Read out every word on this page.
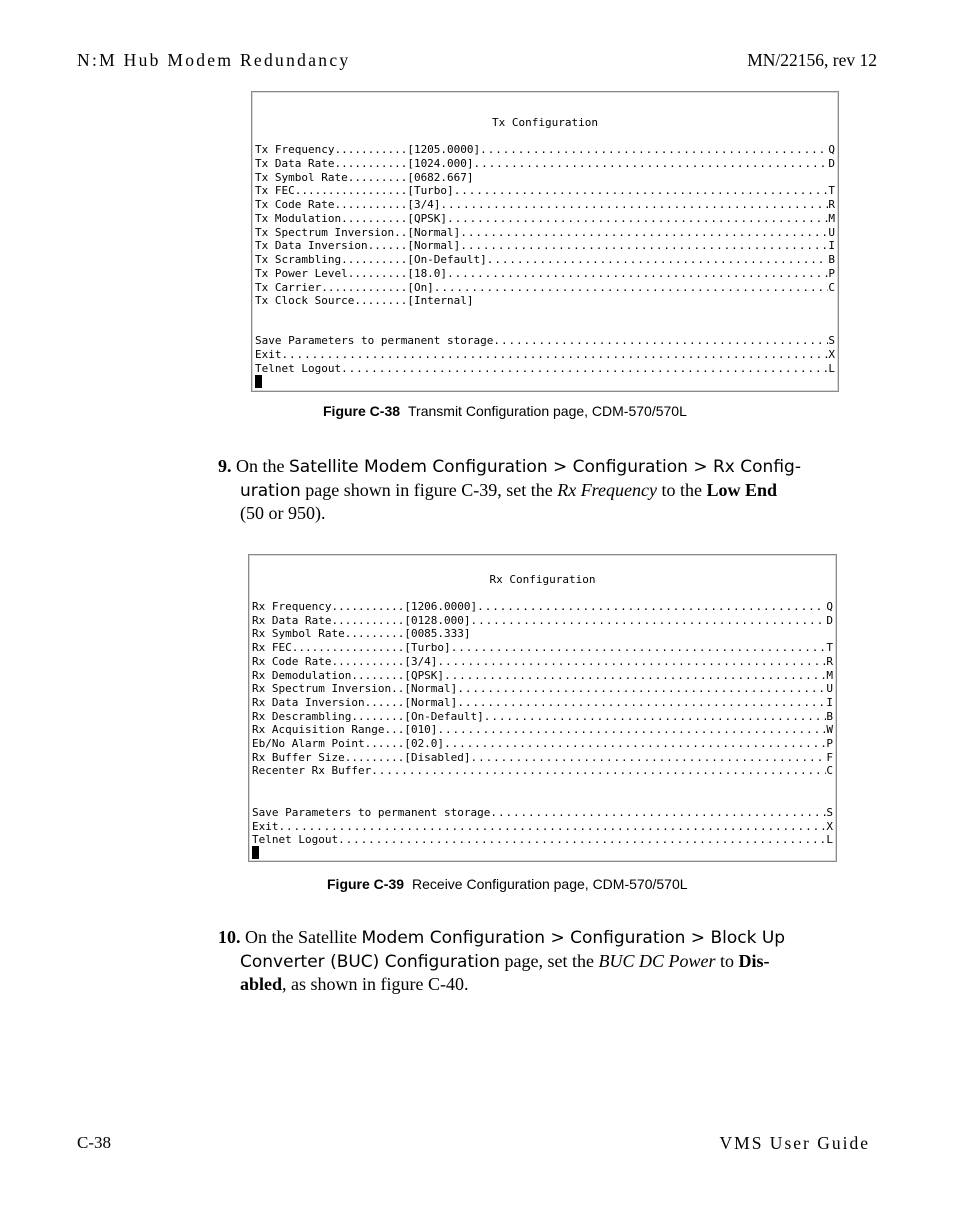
N:M Hub Modem Redundancy	MN/22156, rev 12
Tx Configuration
Tx Frequency...........[1205.0000] .....	Q
Tx Data Rate...........[1024.000] .....	D
Tx Symbol Rate.........[0682.667]
Tx FEC.................[Turbo] .....	T
Tx Code Rate...........[3/4] .....	R
Tx Modulation..........[QPSK] .....	M
Tx Spectrum Inversion..[Normal] .....	U
Tx Data Inversion......[Normal] .....	I
Tx Scrambling..........[On-Default] .....	B
Tx Power Level.........[18.0] .....	P
Tx Carrier.............[On] .....	C
Tx Clock Source........[Internal]
Save Parameters to permanent storage .....	S
Exit .....	X
Telnet Logout .....	L
Figure C-38 Transmit Configuration page, CDM-570/570L
9. On the Satellite Modem Configuration > Configuration > Rx Config-
uration page shown in figure C-39, set the Rx Frequency to the Low End
(50 or 950).
Rx Configuration
Rx Frequency...........[1206.0000] .....	Q
Rx Data Rate...........[0128.000] .....	D
Rx Symbol Rate.........[0085.333]
Rx FEC.................[Turbo] .....	T
Rx Code Rate...........[3/4] .....	R
Rx Demodulation........[QPSK] .....	M
Rx Spectrum Inversion..[Normal] .....	U
Rx Data Inversion......[Normal] .....	I
Rx Descrambling........[On-Default] .....	B
Rx Acquisition Range...[010] .....	W
Eb/No Alarm Point......[02.0] .....	P
Rx Buffer Size.........[Disabled] .....	F
Recenter Rx Buffer .....	C
Save Parameters to permanent storage .....	S
Exit .....	X
Telnet Logout .....	L
Figure C-39 Receive Configuration page, CDM-570/570L
10. On the Satellite Modem Configuration > Configuration > Block Up
Converter (BUC) Configuration page, set the BUC DC Power to Dis-
abled, as shown in figure C-40.
C-38	VMS User Guide
